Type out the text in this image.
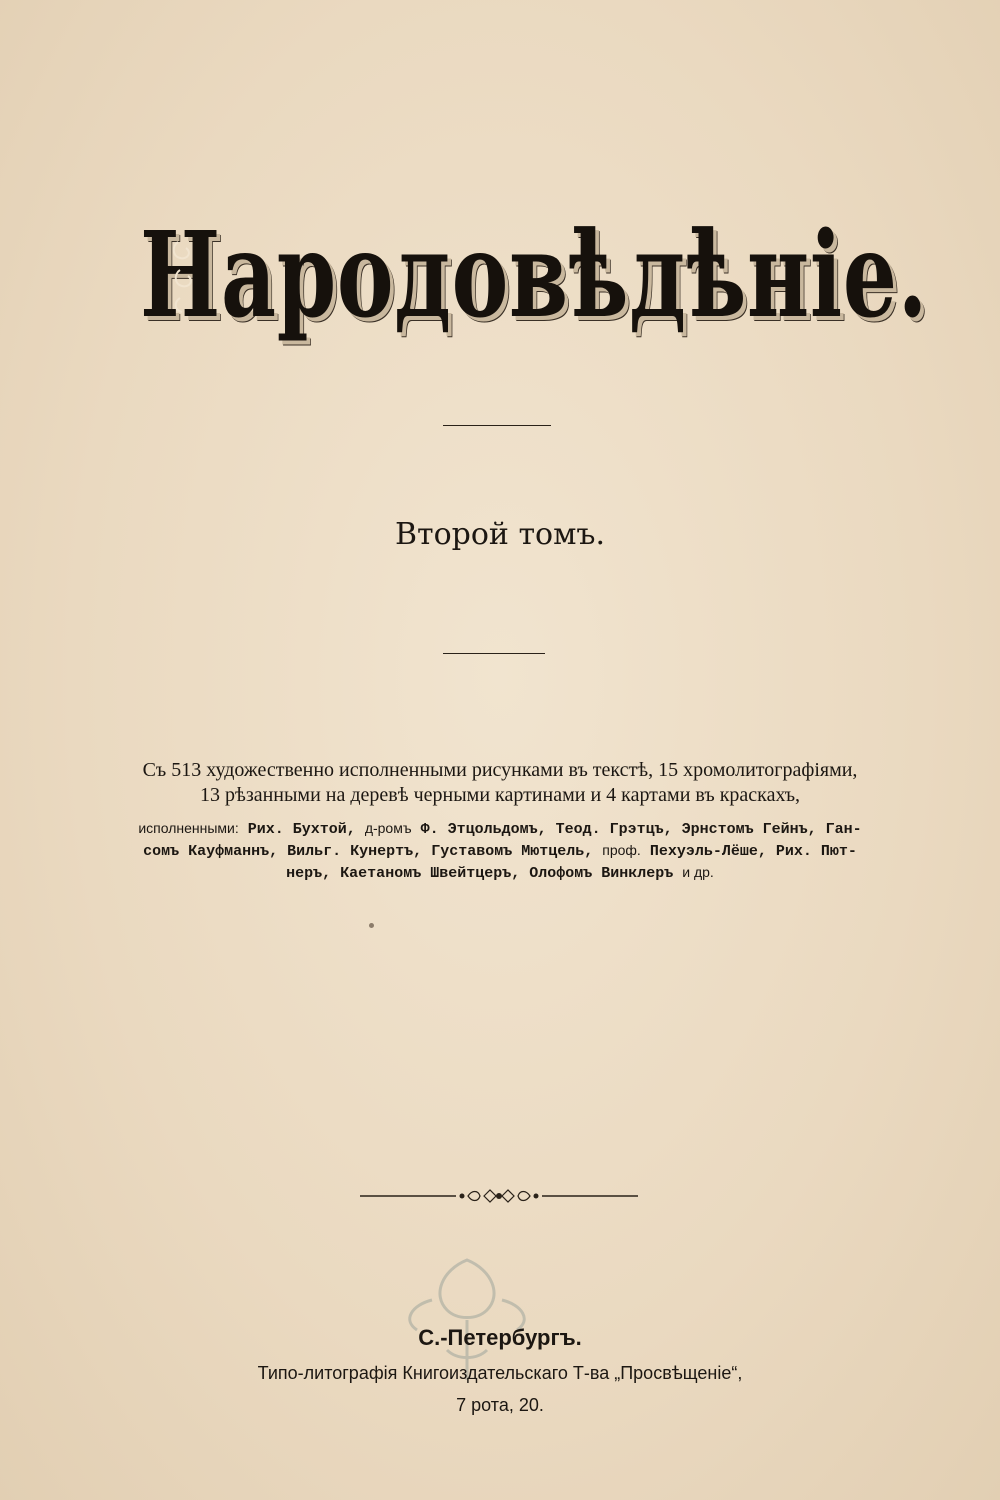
Народовѣдѣніе.
Второй томъ.
Съ 513 художественно исполненными рисунками въ текстѣ, 15 хромолитографіями,
13 рѣзанными на деревѣ черными картинами и 4 картами въ краскахъ,
исполненными: Рих. Бухтой, д-ромъ Ф. Этцольдомъ, Теод. Грэтцъ, Эрнстомъ Гейнъ, Ган-
сомъ Кауфманнъ, Вильг. Кунертъ, Густавомъ Мютцель, проф. Пехуэль-Лёше, Рих. Пют-
неръ, Каетаномъ Швейтцеръ, Олофомъ Винклеръ и др.
С.-Петербургъ.
Типо-литографія Книгоиздательскаго Т-ва „Просвѣщеніе“,
7 рота, 20.
